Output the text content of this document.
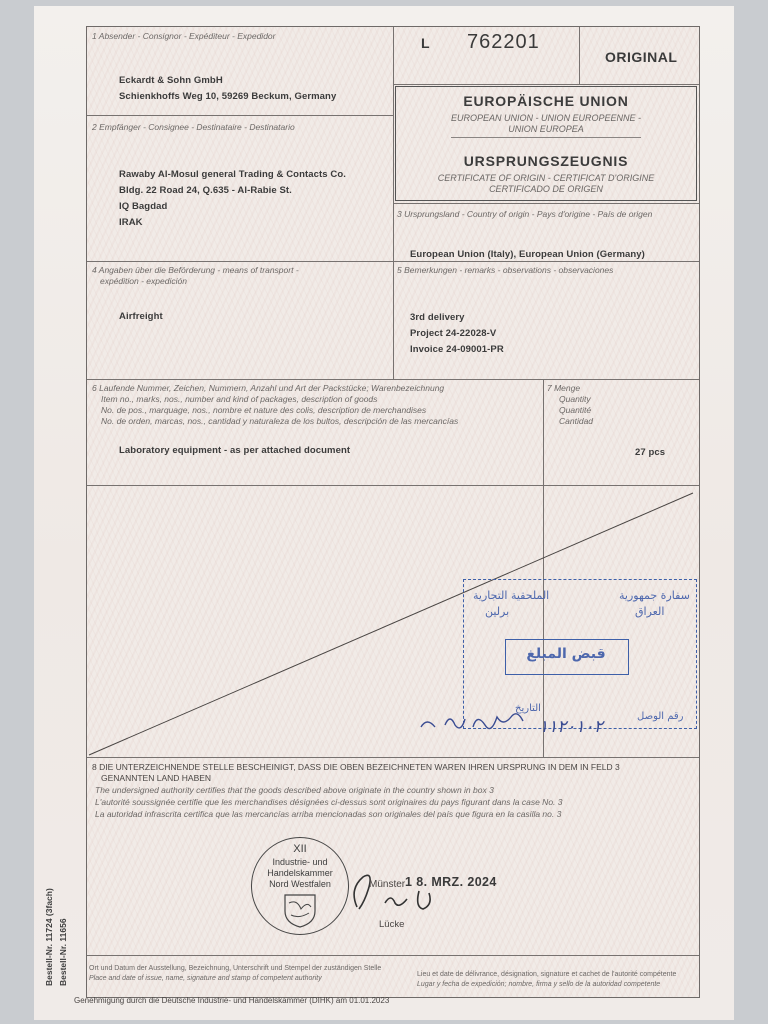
L 762201
ORIGINAL
EUROPÄISCHE UNION
EUROPEAN UNION - UNION EUROPEENNE -
UNION EUROPEA
URSPRUNGSZEUGNIS
CERTIFICATE OF ORIGIN - CERTIFICAT D'ORIGINE
CERTIFICADO DE ORIGEN
1 Absender - Consignor - Expéditeur - Expedidor
Eckardt & Sohn GmbH
Schienkhoffs Weg 10, 59269 Beckum, Germany
2 Empfänger - Consignee - Destinataire - Destinatario
Rawaby Al-Mosul general Trading & Contacts Co.
Bldg. 22 Road 24, Q.635 - Al-Rabie St.
IQ Bagdad
IRAK
3 Ursprungsland - Country of origin - Pays d'origine - País de origen
European Union (Italy), European Union (Germany)
4 Angaben über die Beförderung - means of transport -
expédition - expedición
Airfreight
5 Bemerkungen - remarks - observations - observaciones
3rd delivery
Project 24-22028-V
Invoice 24-09001-PR
6 Laufende Nummer, Zeichen, Nummern, Anzahl und Art der Packstücke; Warenbezeichnung
Item no., marks, nos., number and kind of packages, description of goods
No. de pos., marquage, nos., nombre et nature des colis, description de merchandises
No. de orden, marcas, nos., cantidad y naturaleza de los bultos, descripción de las mercancías
Laboratory equipment - as per attached document
7 Menge
Quantity
Quantité
Cantidad
27 pcs
الملحقية التجارية
برلين
سفارة جمهورية
العراق
قبض المبلغ
رقم الوصل
التاريخ
١١٢٠١٠٢
8 DIE UNTERZEICHNENDE STELLE BESCHEINIGT, DASS DIE OBEN BEZEICHNETEN WAREN IHREN URSPRUNG IN DEM IN FELD 3
GENANNTEN LAND HABEN
The undersigned authority certifies that the goods described above originate in the country shown in box 3
L'autorité soussignée certifie que les merchandises désignées ci-dessus sont originaires du pays figurant dans la case No. 3
La autoridad infrascrita certifica que las mercancías arriba mencionadas son originales del país que figura en la casilla no. 3
XII
Industrie- und
Handelskammer
Nord Westfalen	Münster 1 8. MRZ. 2024
Lücke
Ort und Datum der Ausstellung, Bezeichnung, Unterschrift und Stempel der zuständigen Stelle
Place and date of issue, name, signature and stamp of competent authority
Lieu et date de délivrance, désignation, signature et cachet de l'autorité compétente
Lugar y fecha de expedición; nombre, firma y sello de la autoridad competente
Genehmigung durch die Deutsche Industrie- und Handelskammer (DIHK) am 01.01.2023
Bestell-Nr. 11724 (3fach) Bestell-Nr. 11656
